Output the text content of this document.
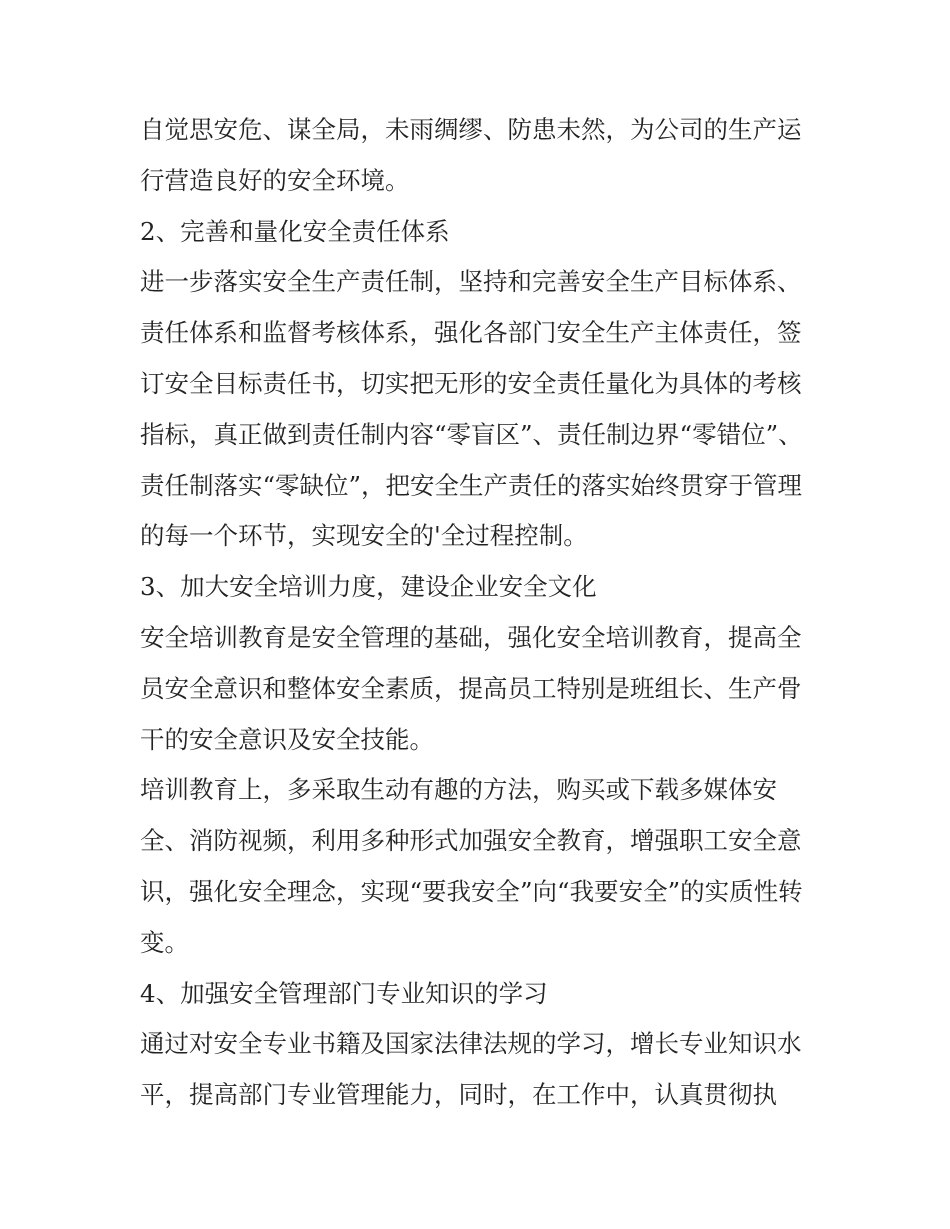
自觉思安危、谋全局，未雨绸缪、防患未然，为公司的生产运
行营造良好的安全环境。
2、完善和量化安全责任体系
进一步落实安全生产责任制，坚持和完善安全生产目标体系、
责任体系和监督考核体系，强化各部门安全生产主体责任，签
订安全目标责任书，切实把无形的安全责任量化为具体的考核
指标，真正做到责任制内容“零盲区”、责任制边界“零错位”、
责任制落实“零缺位”，把安全生产责任的落实始终贯穿于管理
的每一个环节，实现安全的'全过程控制。
3、加大安全培训力度，建设企业安全文化
安全培训教育是安全管理的基础，强化安全培训教育，提高全
员安全意识和整体安全素质，提高员工特别是班组长、生产骨
干的安全意识及安全技能。
培训教育上，多采取生动有趣的方法，购买或下载多媒体安
全、消防视频，利用多种形式加强安全教育，增强职工安全意
识，强化安全理念，实现“要我安全”向“我要安全”的实质性转
变。
4、加强安全管理部门专业知识的学习
通过对安全专业书籍及国家法律法规的学习，增长专业知识水
平，提高部门专业管理能力，同时，在工作中，认真贯彻执
